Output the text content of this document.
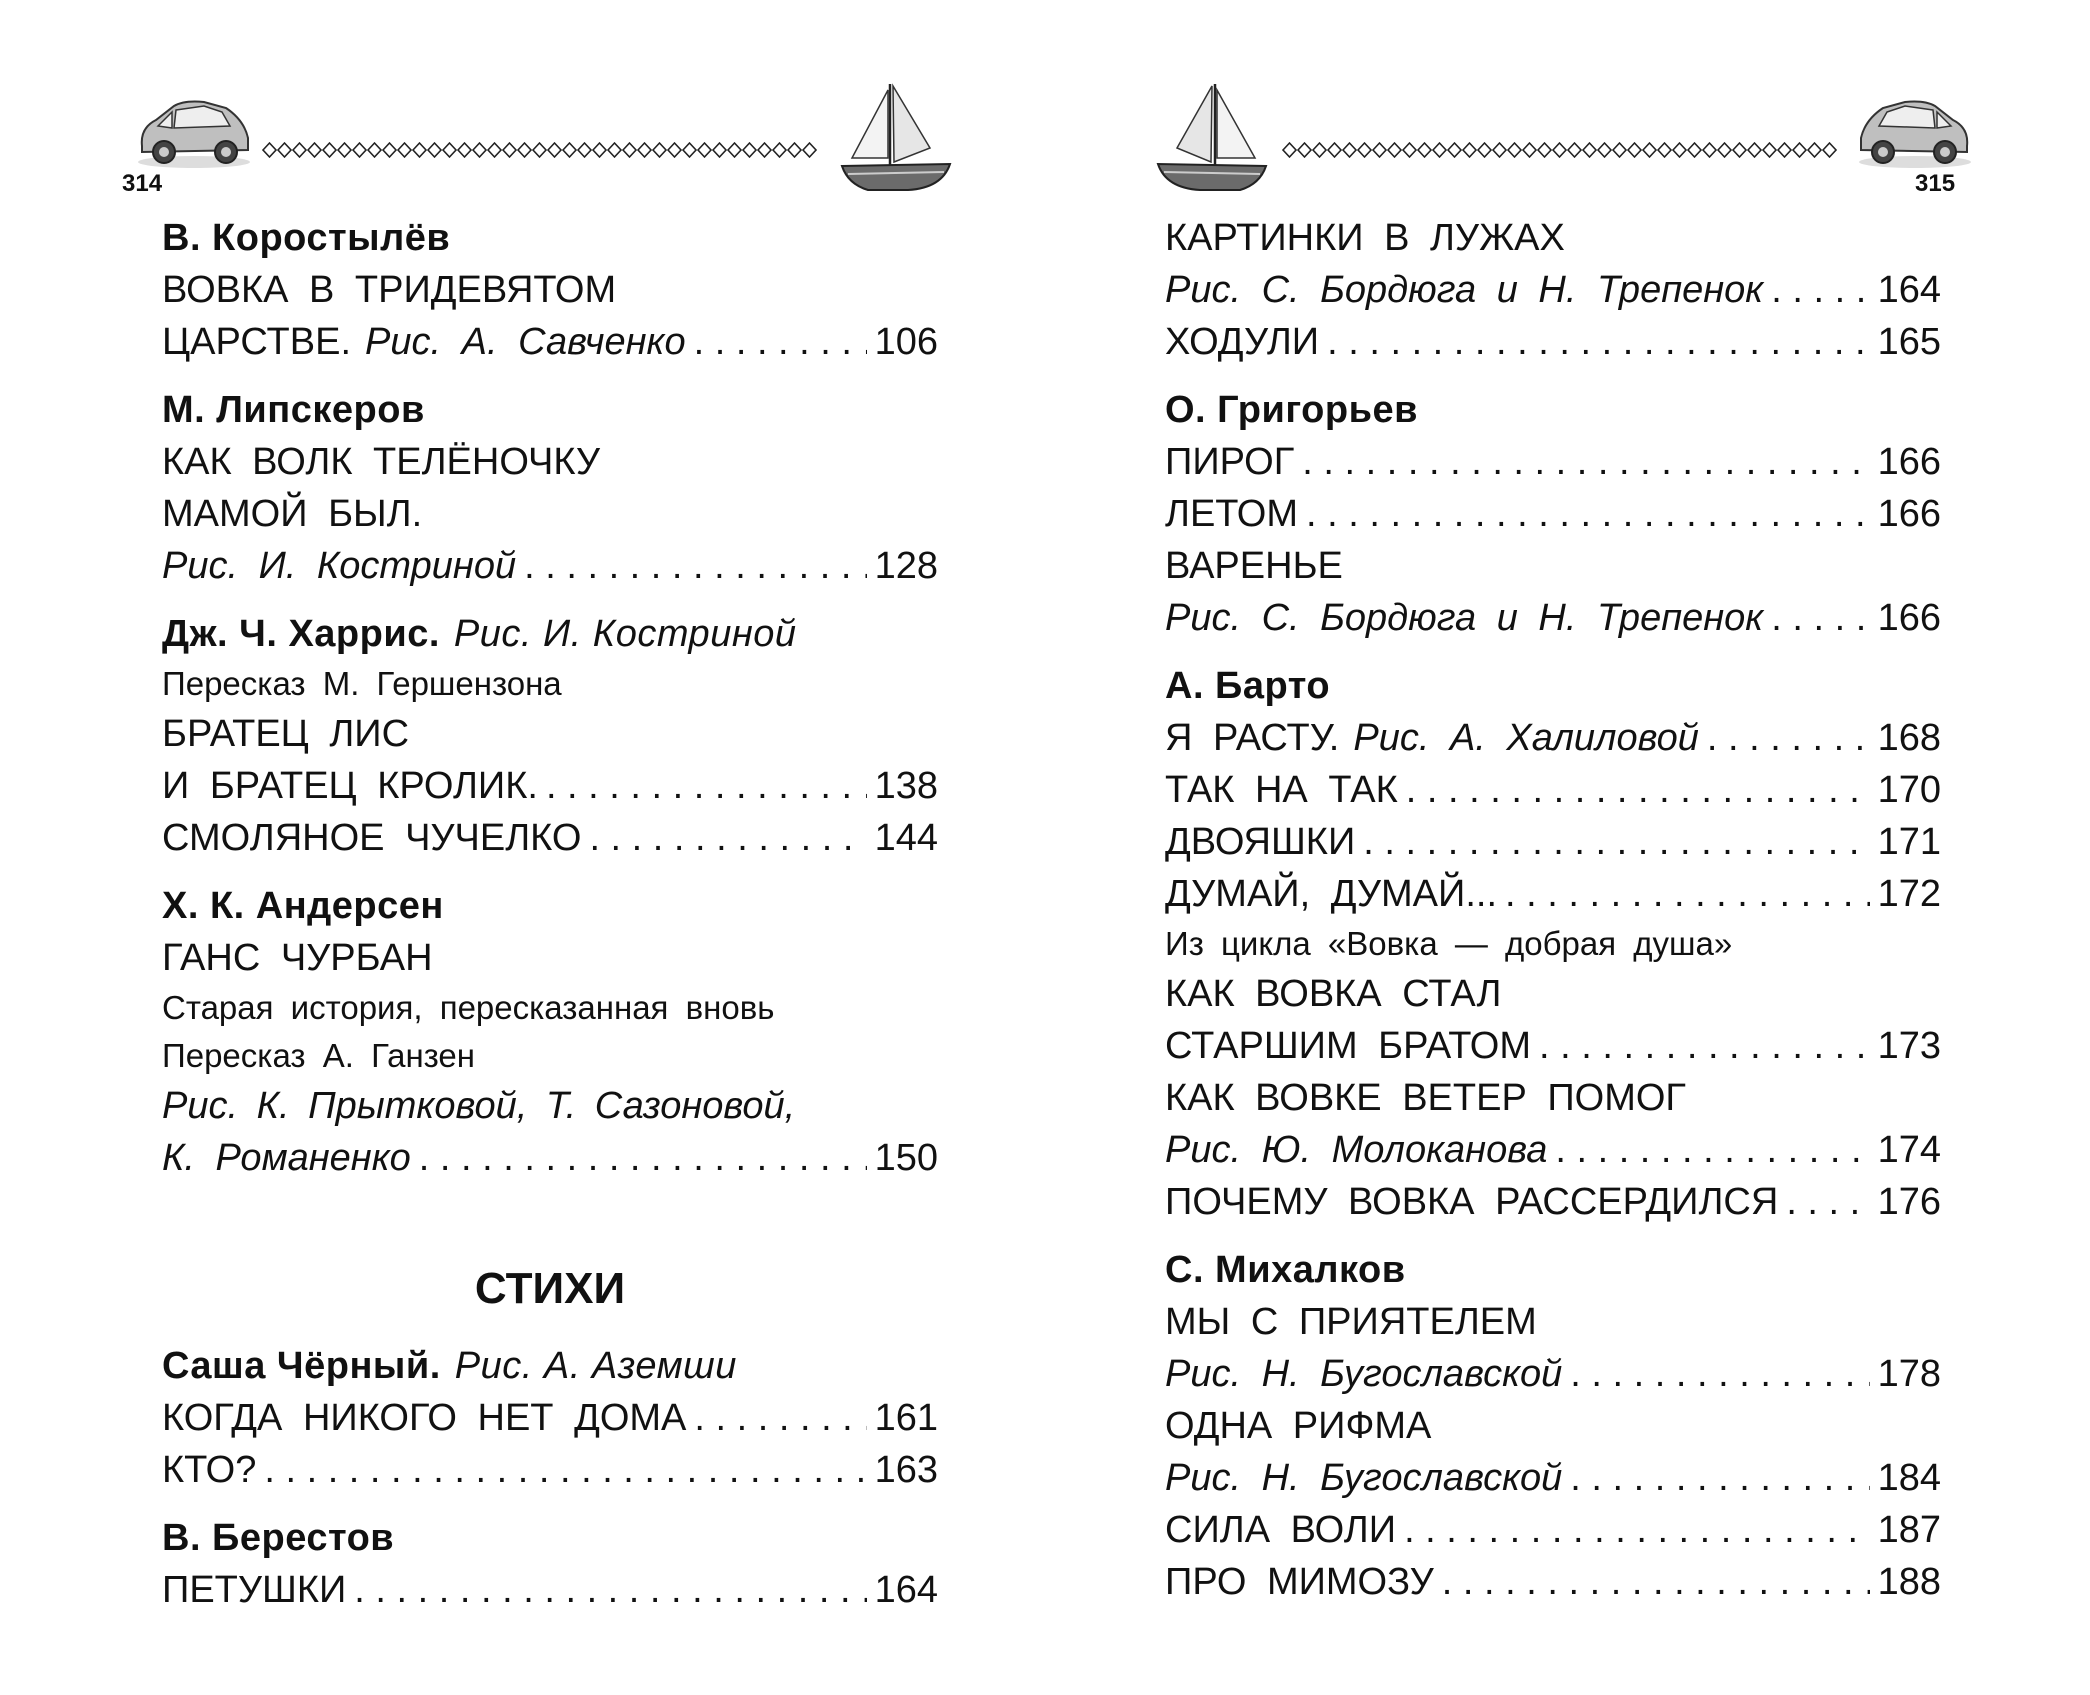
314
В. Коростылёв
ВОВКА В ТРИДЕВЯТОМ
ЦАРСТВЕ. Рис. А. Савченко . . .	106
М. Липскеров
КАК ВОЛК ТЕЛЁНОЧКУ
МАМОЙ БЫЛ.
Рис. И. Костриной . . .	128
Дж. Ч. Харрис. Рис. И. Костриной
Пересказ М. Гершензона
БРАТЕЦ ЛИС
И БРАТЕЦ КРОЛИК. . . .	138
СМОЛЯНОЕ ЧУЧЕЛКО . . .	144
Х. К. Андерсен
ГАНС ЧУРБАН
Старая история, пересказанная вновь
Пересказ А. Ганзен
Рис. К. Прытковой, Т. Сазоновой,
К. Романенко . . .	150
СТИХИ
Саша Чёрный. Рис. А. Аземши
КОГДА НИКОГО НЕТ ДОМА . . .	161
КТО? . . .	163
В. Берестов
ПЕТУШКИ . . .	164
315
КАРТИНКИ В ЛУЖАХ
Рис. С. Бордюга и Н. Трепенок . . .	164
ХОДУЛИ . . .	165
О. Григорьев
ПИРОГ . . .	166
ЛЕТОМ . . .	166
ВАРЕНЬЕ
Рис. С. Бордюга и Н. Трепенок . . .	166
А. Барто
Я РАСТУ. Рис. А. Халиловой . . .	168
ТАК НА ТАК . . .	170
ДВОЯШКИ . . .	171
ДУМАЙ, ДУМАЙ... . . .	172
Из цикла «Вовка — добрая душа»
КАК ВОВКА СТАЛ
СТАРШИМ БРАТОМ . . .	173
КАК ВОВКЕ ВЕТЕР ПОМОГ
Рис. Ю. Молоканова . . .	174
ПОЧЕМУ ВОВКА РАССЕРДИЛСЯ . . .	176
С. Михалков
МЫ С ПРИЯТЕЛЕМ
Рис. Н. Бугославской . . .	178
ОДНА РИФМА
Рис. Н. Бугославской . . .	184
СИЛА ВОЛИ . . .	187
ПРО МИМОЗУ . . .	188
